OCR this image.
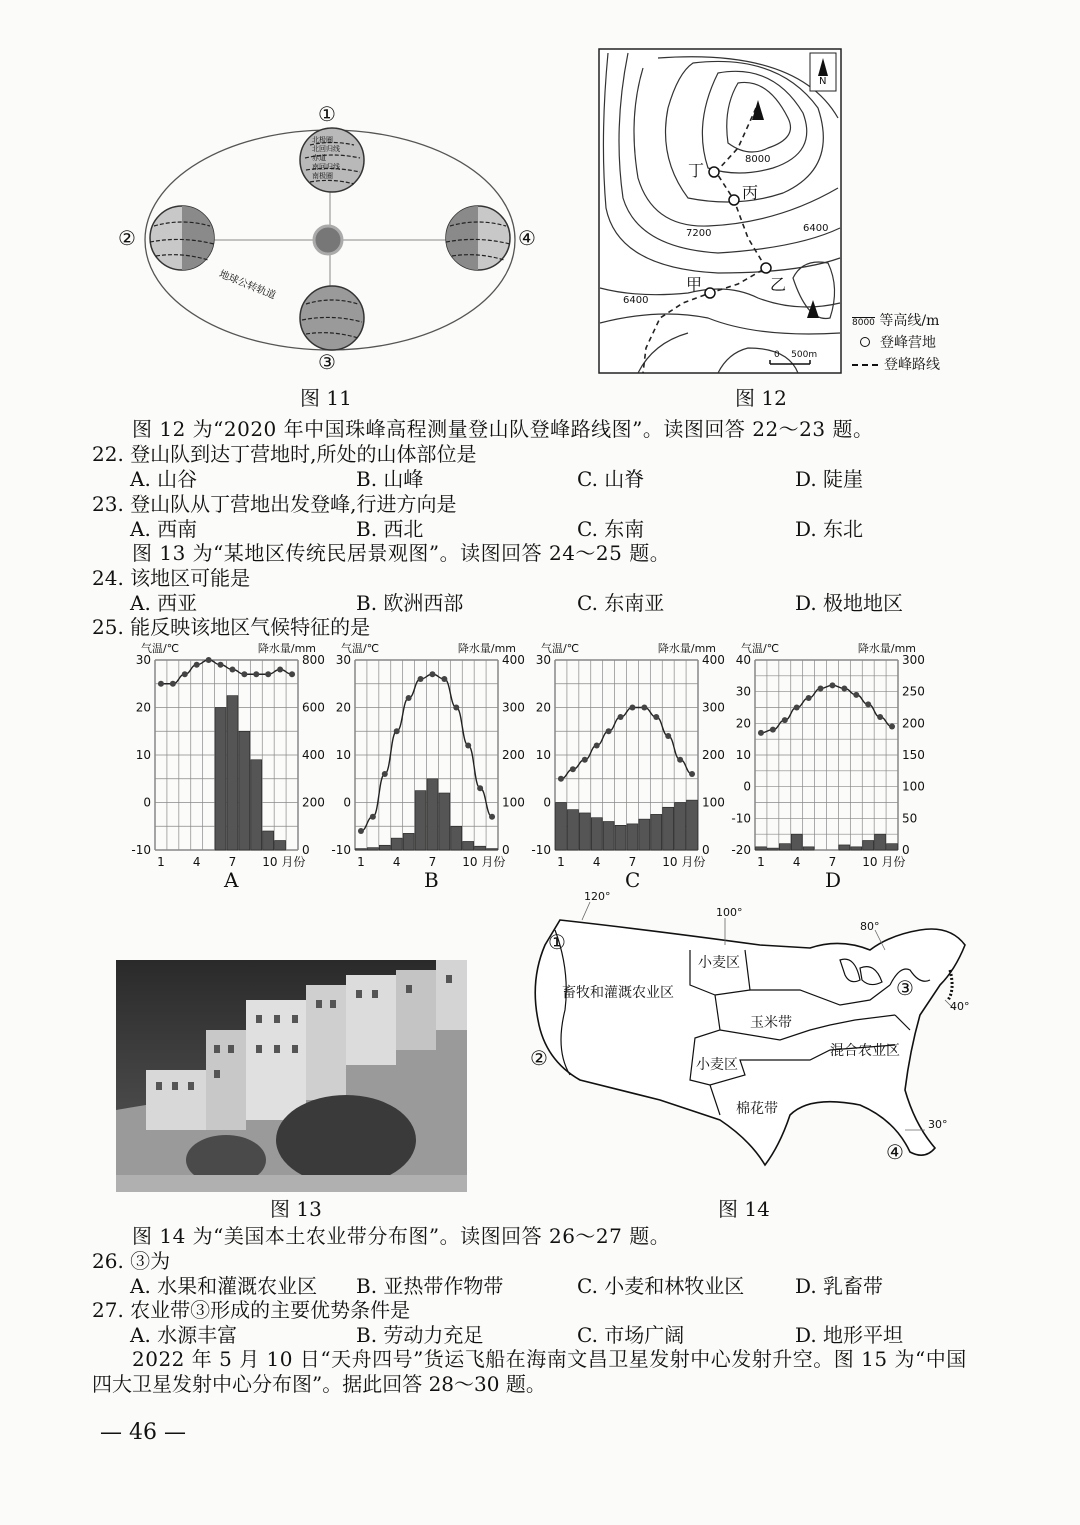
①
②
③
④
地球公转轨道
北极圈
北回归线
赤道
南回归线
南极圈
图 11
N
8000
7200	6400
6400
丁
丙
乙
甲
0    500m
8000 等高线/m
登峰营地
登峰路线
图 12
图 12 为“2020 年中国珠峰高程测量登山队登峰路线图”。读图回答 22～23 题。
22. 登山队到达丁营地时,所处的山体部位是
A. 山谷	B. 山峰	C. 山脊	D. 陡崖
23. 登山队从丁营地出发登峰,行进方向是
A. 西南	B. 西北	C. 东南	D. 东北
图 13 为“某地区传统民居景观图”。读图回答 24～25 题。
24. 该地区可能是
A. 西亚	B. 欧洲西部	C. 东南亚	D. 极地地区
25. 能反映该地区气候特征的是
气温/℃	降水量/mm
30
20
10
0
-10
800
600
400
200
0
1 4 7 10 月份
气温/℃	降水量/mm
30
20
10
0
-10
400
300
200
100
0
1 4 7 10 月份
气温/℃	降水量/mm
30
20
10
0
-10
400
300
200
100
0
1 4 7 10 月份
气温/℃	降水量/mm
40
30
20
10
0
-10
-20
300
250
200
150
100
50
0
1 4 7 10 月份
A	B	C	D
图 13
120°
100°
80°
40°
30°
畜牧和灌溉农业区
小麦区
玉米带
小麦区
混合农业区
棉花带
①
②
③
④
图 14
图 14 为“美国本土农业带分布图”。读图回答 26～27 题。
26. ③为
A. 水果和灌溉农业区 B. 亚热带作物带	C. 小麦和林牧业区	D. 乳畜带
27. 农业带③形成的主要优势条件是
A. 水源丰富	B. 劳动力充足	C. 市场广阔	D. 地形平坦
2022 年 5 月 10 日“天舟四号”货运飞船在海南文昌卫星发射中心发射升空。图 15 为“中国
四大卫星发射中心分布图”。据此回答 28～30 题。
— 46 —
